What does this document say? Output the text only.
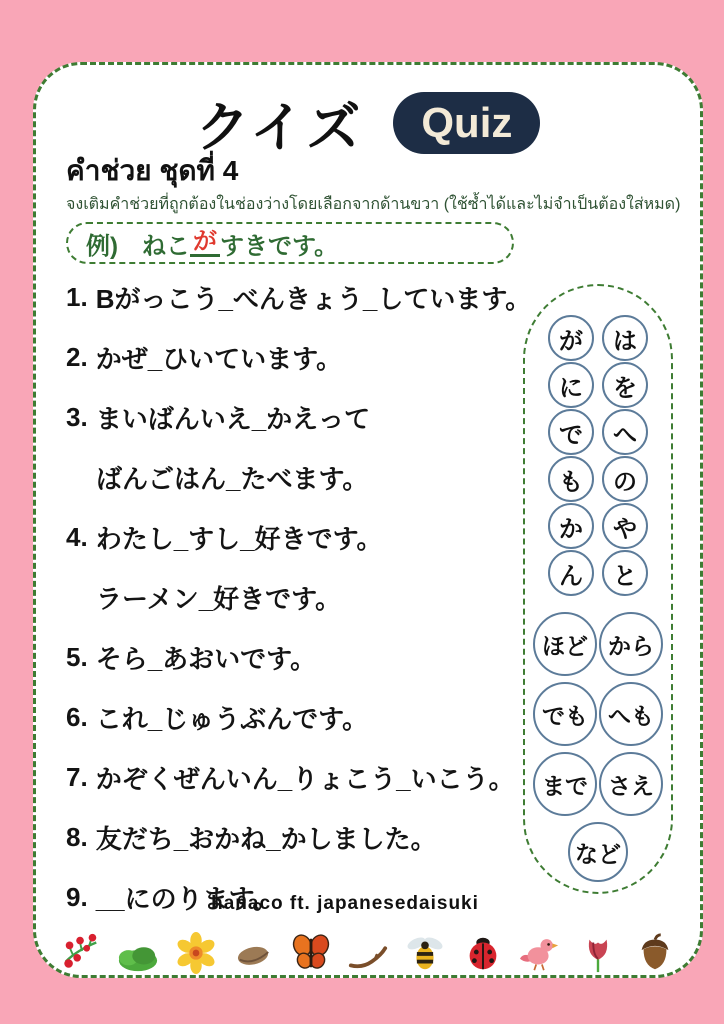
クイズ	Quiz
คำช่วย ชุดที่ 4
จงเติมคำช่วยที่ถูกต้องในช่องว่างโดยเลือกจากด้านขวา (ใช้ซ้ำได้และไม่จำเป็นต้องใส่หมด)
例) ねこ が すきです。
1. Bがっこう_べんきょう_しています。
2. かぜ_ひいています。
3. まいばんいえ_かえって
ばんごはん_たべます。
4. わたし_すし_好きです。
ラーメン_好きです。
5. そら_あおいです。
6. これ_じゅうぶんです。
7. かぞくぜんいん_りょこう_いこう。
8. 友だち_おかね_かしました。
9. __にのります。
が	は
に	を
で	へ
も	の
か	や
ん	と
ほど から
でも へも
まで さえ
など
hanaco ft. japanesedaisuki
